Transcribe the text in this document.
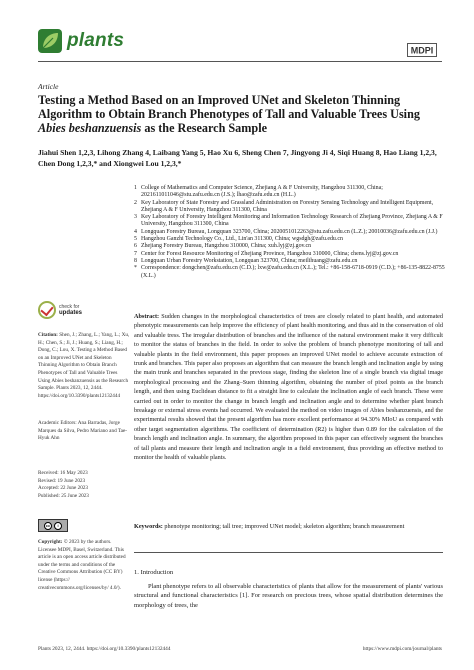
plants	MDPI
Article
Testing a Method Based on an Improved UNet and Skeleton Thinning Algorithm to Obtain Branch Phenotypes of Tall and Valuable Trees Using Abies beshanzuensis as the Research Sample
Jiahui Shen 1,2,3, Lihong Zhang 4, Laibang Yang 5, Hao Xu 6, Sheng Chen 7, Jingyong Ji 4, Siqi Huang 8, Hao Liang 1,2,3, Chen Dong 1,2,3,* and Xiongwei Lou 1,2,3,*
1 College of Mathematics and Computer Science, Zhejiang A & F University, Hangzhou 311300, China; 2021611011046@stu.zafu.edu.cn (J.S.); lhao@zafu.edu.cn (H.L.)
2 Key Laboratory of State Forestry and Grassland Administration on Forestry Sensing Technology and Intelligent Equipment, Zhejiang A & F University, Hangzhou 311300, China
3 Key Laboratory of Forestry Intelligent Monitoring and Information Technology Research of Zhejiang Province, Zhejiang A & F University, Hangzhou 311300, China
4 Longquan Forestry Bureau, Longquan 323700, China; 2020051012263@stu.zafu.edu.cn (L.Z.); 20010036@zafu.edu.cn (J.J.)
5 Hangzhou Ganzhi Technology Co., Ltd., Lin'an 311300, China; wgsdgh@zafu.edu.cn
6 Zhejiang Forestry Bureau, Hangzhou 310000, China; xuh.lyj@zj.gov.cn
7 Center for Forest Resource Monitoring of Zhejiang Province, Hangzhou 310000, China; chens.lyj@zj.gov.cn
8 Longquan Urban Forestry Workstation, Longquan 323700, China; meilihuang@zafu.edu.cn
* Correspondence: dongchen@zafu.edu.cn (C.D.); lxw@zafu.edu.cn (X.L.); Tel.: +86-158-6718-0919 (C.D.); +86-135-8822-8755 (X.L.)
check for
updates
Citation: Shen, J.; Zhang, L.; Yang, L.; Xu, H.; Chen, S.; Ji, J.; Huang, S.; Liang, H.; Dong, C.; Lou, X. Testing a Method Based on an Improved UNet and Skeleton Thinning Algorithm to Obtain Branch Phenotypes of Tall and Valuable Trees Using Abies beshanzuensis as the Research Sample. Plants 2023, 12, 2444. https://doi.org/10.3390/plants12132444
Academic Editors: Ana Barradas, Jorge Marques da Silva, Pedro Mariano and Tae-Hyuk Ahn
Received: 16 May 2023
Revised: 19 June 2023
Accepted: 22 June 2023
Published: 25 June 2023
cc	i
Copyright: © 2023 by the authors. Licensee MDPI, Basel, Switzerland. This article is an open access article distributed under the terms and conditions of the Creative Commons Attribution (CC BY) license (https:// creativecommons.org/licenses/by/ 4.0/).
Abstract: Sudden changes in the morphological characteristics of trees are closely related to plant health, and automated phenotypic measurements can help improve the efficiency of plant health monitoring, and thus aid in the conservation of old and valuable tress. The irregular distribution of branches and the influence of the natural environment make it very difficult to monitor the status of branches in the field. In order to solve the problem of branch phenotype monitoring of tall and valuable plants in the field environment, this paper proposes an improved UNet model to achieve accurate extraction of trunk and branches. This paper also proposes an algorithm that can measure the branch length and inclination angle by using the main trunk and branches separated in the previous stage, finding the skeleton line of a single branch via digital image morphological processing and the Zhang–Suen thinning algorithm, obtaining the number of pixel points as the branch length, and then using Euclidean distance to fit a straight line to calculate the inclination angle of each branch. These were carried out in order to monitor the change in branch length and inclination angle and to determine whether plant branch breakage or external stress events had occurred. We evaluated the method on video images of Abies beshanzuensis, and the experimental results showed that the present algorithm has more excellent performance at 94.30% MIoU as compared with other target segmentation algorithms. The coefficient of determination (R2) is higher than 0.89 for the calculation of the branch length and inclination angle. In summary, the algorithm proposed in this paper can effectively segment the branches of tall plants and measure their length and inclination angle in a field environment, thus providing an effective method to monitor the health of valuable plants.
Keywords: phenotype monitoring; tall tree; improved UNet model; skeleton algorithm; branch measurement
1. Introduction
Plant phenotype refers to all observable characteristics of plants that allow for the measurement of plants' various structural and functional characteristics [1]. For research on precious trees, whose spatial distribution determines the morphology of trees, the
Plants 2023, 12, 2444. https://doi.org/10.3390/plants12132444	https://www.mdpi.com/journal/plants
